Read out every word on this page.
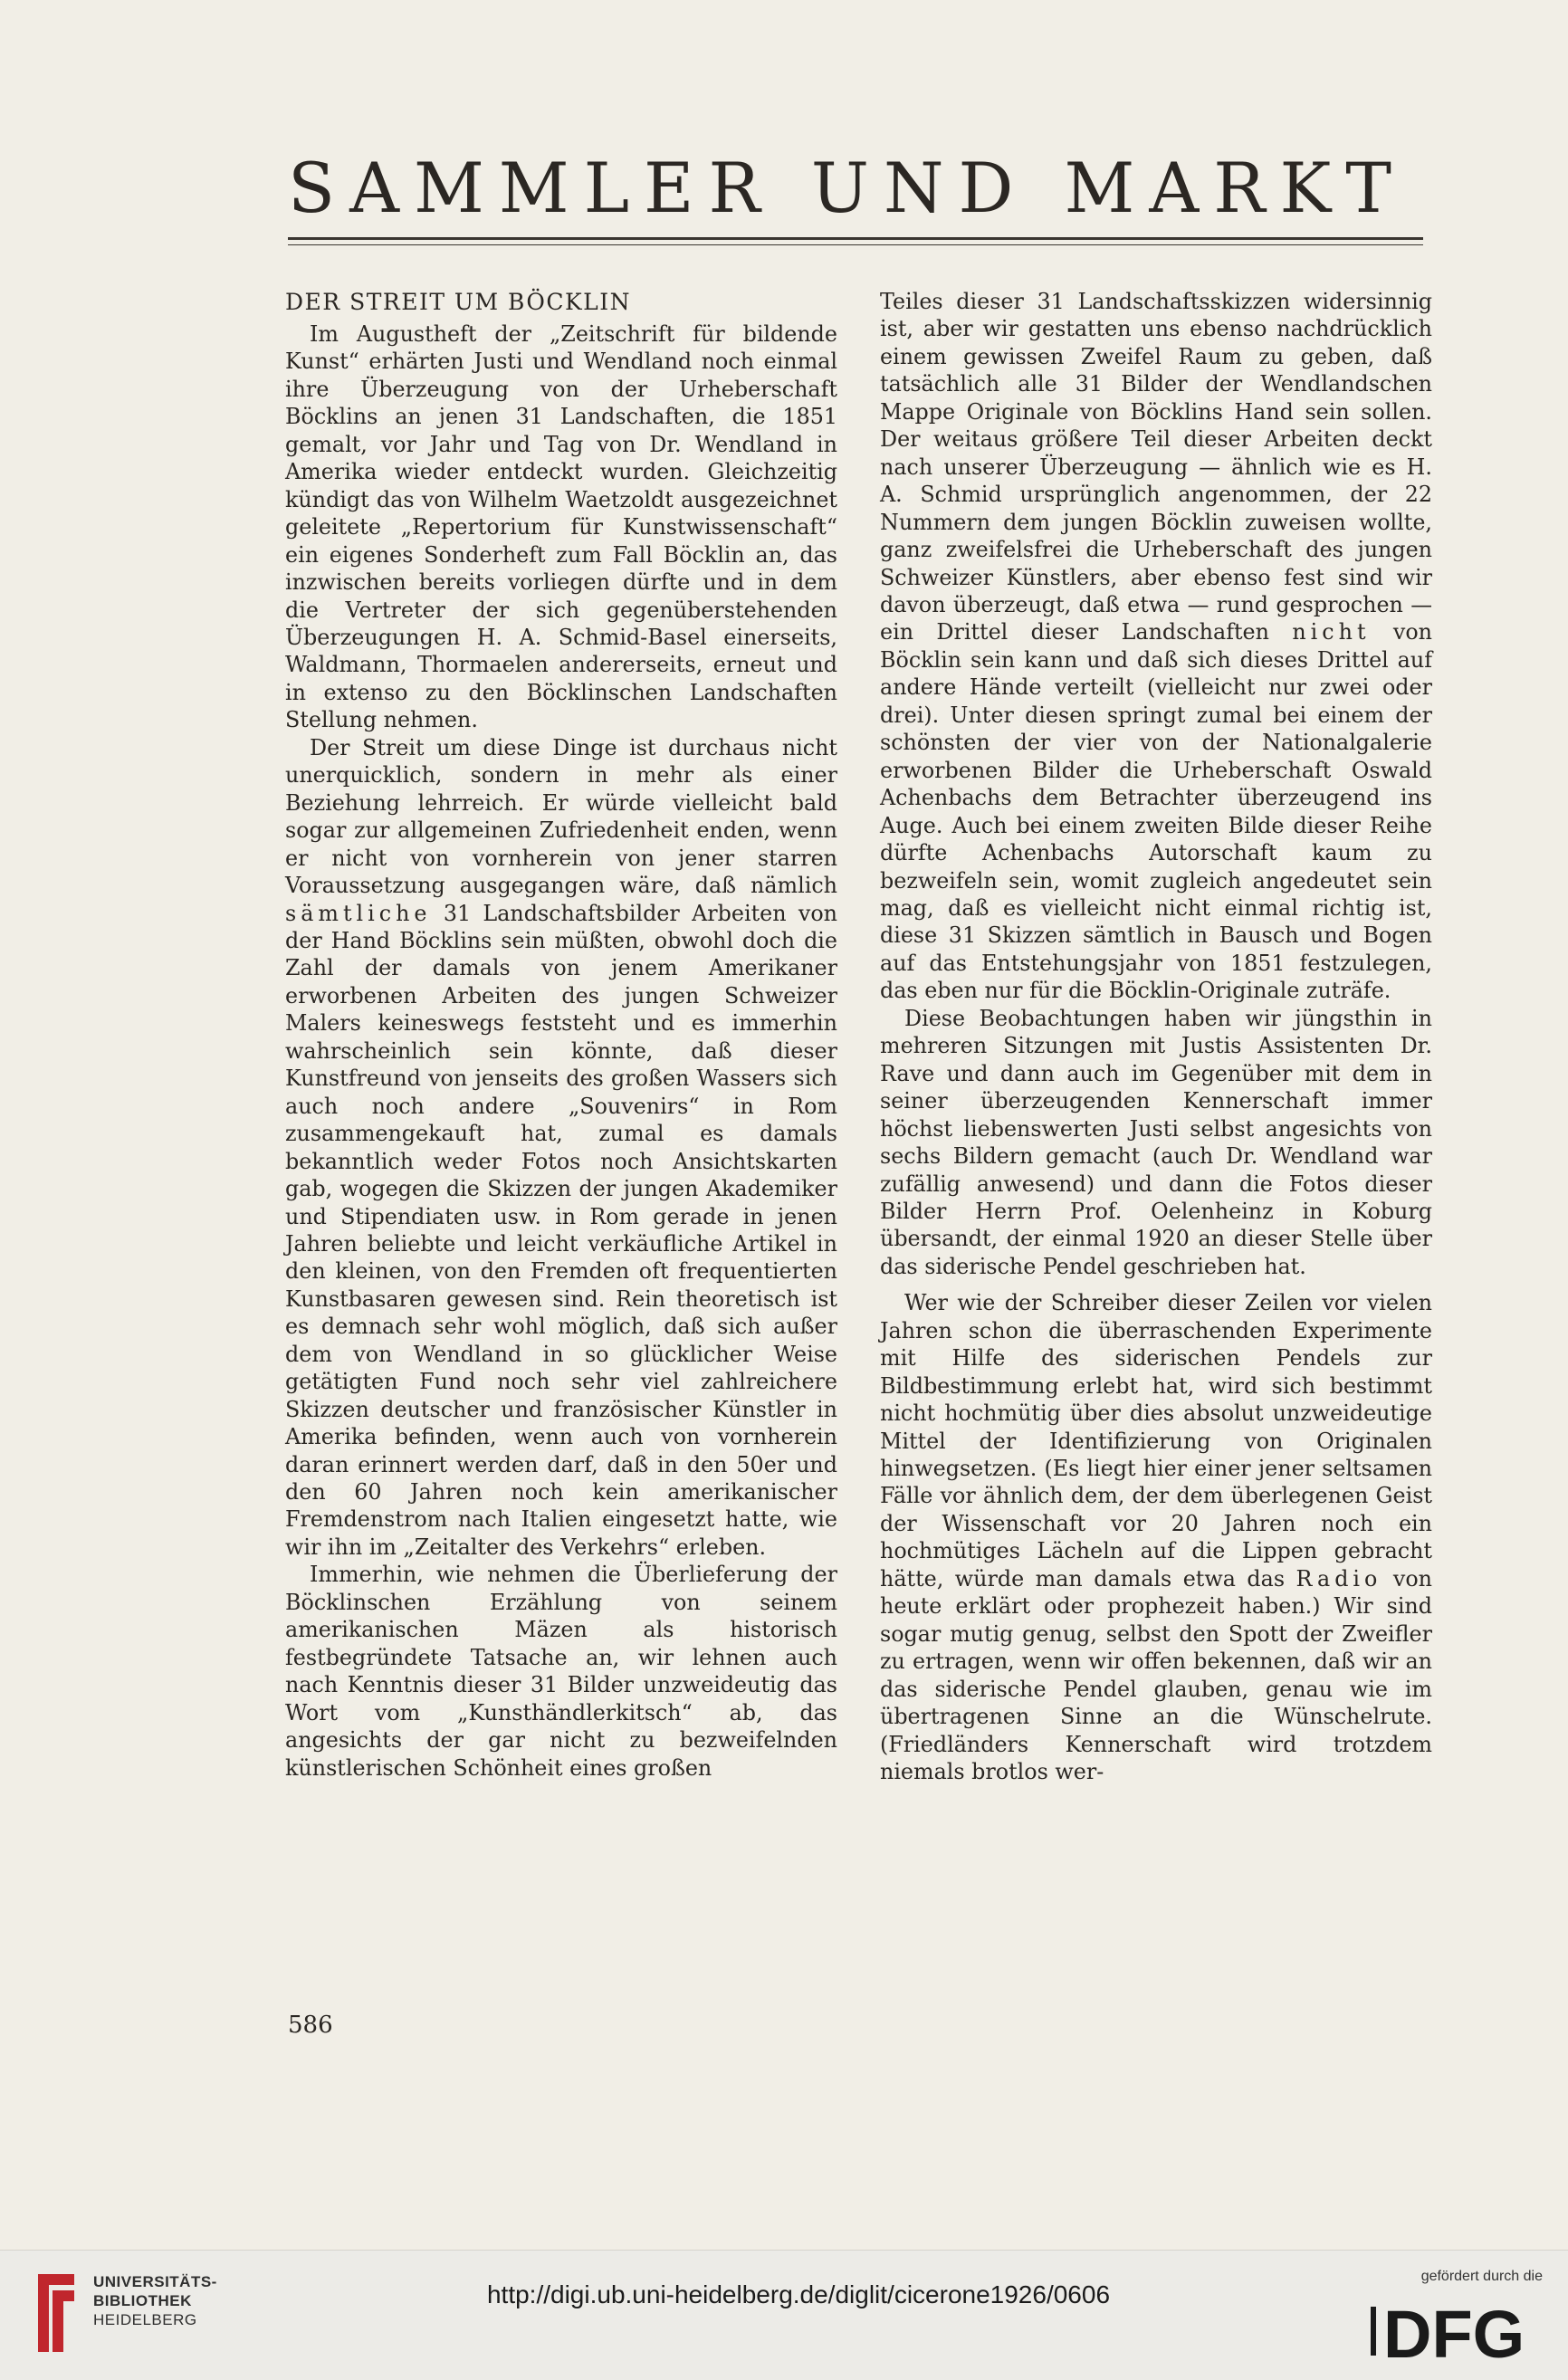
SAMMLER UND MARKT
DER STREIT UM BÖCKLIN

Im Augustheft der „Zeitschrift für bildende Kunst“ erhärten Justi und Wendland noch einmal ihre Überzeugung von der Urheberschaft Böcklins an jenen 31 Landschaften, die 1851 gemalt, vor Jahr und Tag von Dr. Wendland in Amerika wieder entdeckt wurden. Gleichzeitig kündigt das von Wilhelm Waetzoldt ausgezeichnet geleitete „Repertorium für Kunstwissenschaft“ ein eigenes Sonderheft zum Fall Böcklin an, das inzwischen bereits vorliegen dürfte und in dem die Vertreter der sich gegenüberstehenden Überzeugungen H. A. Schmid-Basel einerseits, Waldmann, Thormaelen andererseits, erneut und in extenso zu den Böcklinschen Landschaften Stellung nehmen.

Der Streit um diese Dinge ist durchaus nicht unerquicklich, sondern in mehr als einer Beziehung lehrreich. Er würde vielleicht bald sogar zur allgemeinen Zufriedenheit enden, wenn er nicht von vornherein von jener starren Voraussetzung ausgegangen wäre, daß nämlich sämtliche 31 Landschaftsbilder Arbeiten von der Hand Böcklins sein müßten, obwohl doch die Zahl der damals von jenem Amerikaner erworbenen Arbeiten des jungen Schweizer Malers keineswegs feststeht und es immerhin wahrscheinlich sein könnte, daß dieser Kunstfreund von jenseits des großen Wassers sich auch noch andere „Souvenirs“ in Rom zusammengekauft hat, zumal es damals bekanntlich weder Fotos noch Ansichtskarten gab, wogegen die Skizzen der jungen Akademiker und Stipendiaten usw. in Rom gerade in jenen Jahren beliebte und leicht verkäufliche Artikel in den kleinen, von den Fremden oft frequentierten Kunstbasaren gewesen sind. Rein theoretisch ist es demnach sehr wohl möglich, daß sich außer dem von Wendland in so glücklicher Weise getätigten Fund noch sehr viel zahlreichere Skizzen deutscher und französischer Künstler in Amerika befinden, wenn auch von vornherein daran erinnert werden darf, daß in den 50er und den 60 Jahren noch kein amerikanischer Fremdenstrom nach Italien eingesetzt hatte, wie wir ihn im „Zeitalter des Verkehrs“ erleben.

Immerhin, wie nehmen die Überlieferung der Böcklinschen Erzählung von seinem amerikanischen Mäzen als historisch festbegründete Tatsache an, wir lehnen auch nach Kenntnis dieser 31 Bilder unzweideutig das Wort vom „Kunsthändlerkitsch“ ab, das angesichts der gar nicht zu bezweifelnden künstlerischen Schönheit eines großen

Teiles dieser 31 Landschaftsskizzen widersinnig ist, aber wir gestatten uns ebenso nachdrücklich einem gewissen Zweifel Raum zu geben, daß tatsächlich alle 31 Bilder der Wendlandschen Mappe Originale von Böcklins Hand sein sollen. Der weitaus größere Teil dieser Arbeiten deckt nach unserer Überzeugung — ähnlich wie es H. A. Schmid ursprünglich angenommen, der 22 Nummern dem jungen Böcklin zuweisen wollte, ganz zweifelsfrei die Urheberschaft des jungen Schweizer Künstlers, aber ebenso fest sind wir davon überzeugt, daß etwa — rund gesprochen — ein Drittel dieser Landschaften nicht von Böcklin sein kann und daß sich dieses Drittel auf andere Hände verteilt (vielleicht nur zwei oder drei). Unter diesen springt zumal bei einem der schönsten der vier von der Nationalgalerie erworbenen Bilder die Urheberschaft Oswald Achenbachs dem Betrachter überzeugend ins Auge. Auch bei einem zweiten Bilde dieser Reihe dürfte Achenbachs Autorschaft kaum zu bezweifeln sein, womit zugleich angedeutet sein mag, daß es vielleicht nicht einmal richtig ist, diese 31 Skizzen sämtlich in Bausch und Bogen auf das Entstehungsjahr von 1851 festzulegen, das eben nur für die Böcklin-Originale zuträfe.

Diese Beobachtungen haben wir jüngsthin in mehreren Sitzungen mit Justis Assistenten Dr. Rave und dann auch im Gegenüber mit dem in seiner überzeugenden Kennerschaft immer höchst liebenswerten Justi selbst angesichts von sechs Bildern gemacht (auch Dr. Wendland war zufällig anwesend) und dann die Fotos dieser Bilder Herrn Prof. Oelenheinz in Koburg übersandt, der einmal 1920 an dieser Stelle über das siderische Pendel geschrieben hat.

Wer wie der Schreiber dieser Zeilen vor vielen Jahren schon die überraschenden Experimente mit Hilfe des siderischen Pendels zur Bildbestimmung erlebt hat, wird sich bestimmt nicht hochmütig über dies absolut unzweideutige Mittel der Identifizierung von Originalen hinwegsetzen. (Es liegt hier einer jener seltsamen Fälle vor ähnlich dem, der dem überlegenen Geist der Wissenschaft vor 20 Jahren noch ein hochmütiges Lächeln auf die Lippen gebracht hätte, würde man damals etwa das Radio von heute erklärt oder prophezeit haben.) Wir sind sogar mutig genug, selbst den Spott der Zweifler zu ertragen, wenn wir offen bekennen, daß wir an das siderische Pendel glauben, genau wie im übertragenen Sinne an die Wünschelrute. (Friedländers Kennerschaft wird trotzdem niemals brotlos wer-

586
UNIVERSITÄTS-
BIBLIOTHEK
HEIDELBERG
http://digi.ub.uni-heidelberg.de/diglit/cicerone1926/0606
gefördert durch die
DFG
